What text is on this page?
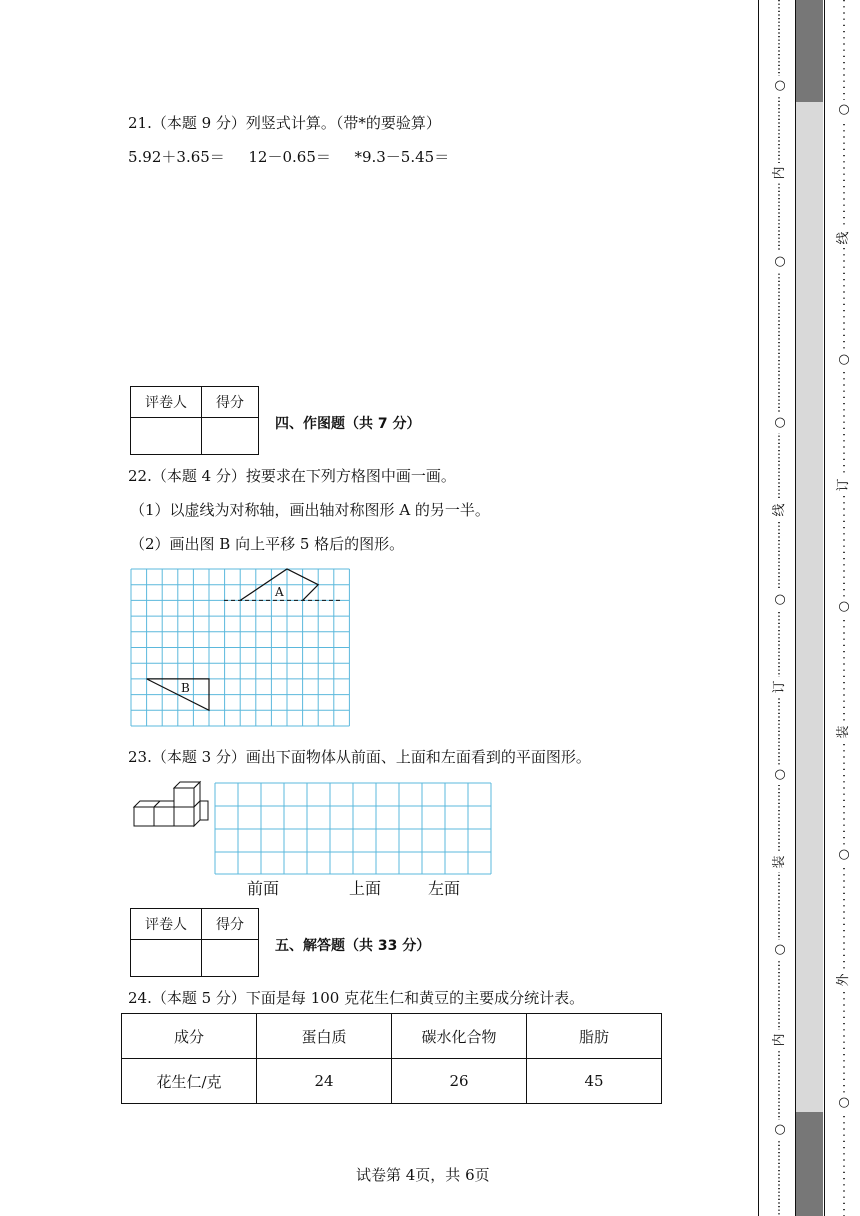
21.（本题 9 分）列竖式计算。（带*的要验算）
5.92＋3.65＝ 12－0.65＝ *9.3－5.45＝
评卷人	得分

四、作图题（共 7 分）
22.（本题 4 分）按要求在下列方格图中画一画。
（1）以虚线为对称轴，画出轴对称图形 A 的另一半。
（2）画出图 B 向上平移 5 格后的图形。
A
B
23.（本题 3 分）画出下面物体从前面、上面和左面看到的平面图形。
前面	上面	左面
评卷人	得分

五、解答题（共 33 分）
24.（本题 5 分）下面是每 100 克花生仁和黄豆的主要成分统计表。
成分	蛋白质	碳水化合物	脂肪
花生仁/克	24	26	45
试卷第 4页，共 6页
○
内
○
○
线
○
订
○
装
○
内
○
○
线
○
订
○
装
○
外
○
